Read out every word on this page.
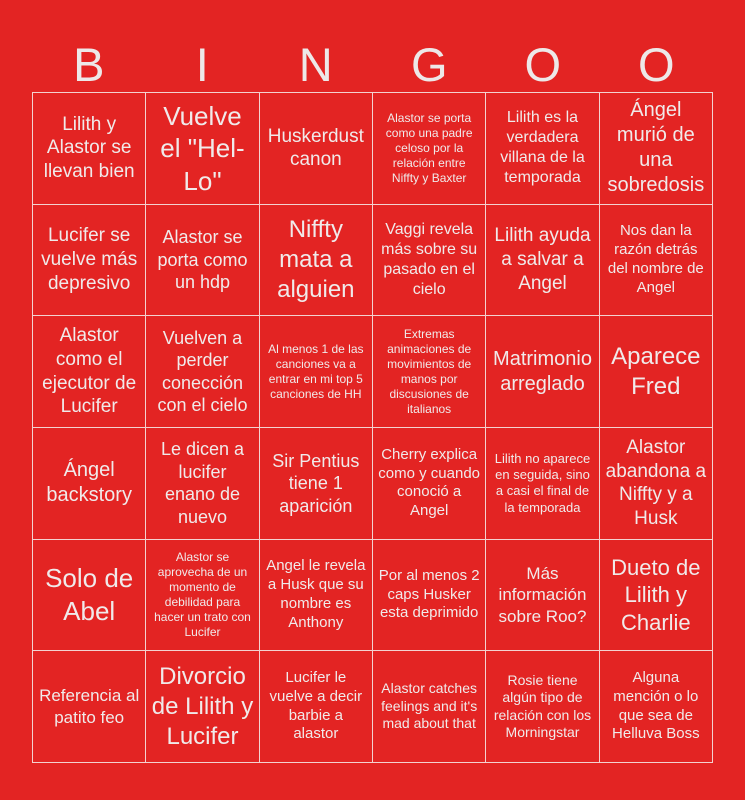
B	I	N	G	O	O
Lilith y Alastor se llevan bien
Vuelve el "Hel-Lo"
Huskerdust canon
Alastor se porta como una padre celoso por la relación entre Niffty y Baxter
Lilith es la verdadera villana de la temporada
Ángel murió de una sobredosis
Lucifer se vuelve más depresivo
Alastor se porta como un hdp
Niffty mata a alguien
Vaggi revela más sobre su pasado en el cielo
Lilith ayuda a salvar a Angel
Nos dan la razón detrás del nombre de Angel
Alastor como el ejecutor de Lucifer
Vuelven a perder conección con el cielo
Al menos 1 de las canciones va a entrar en mi top 5 canciones de HH
Extremas animaciones de movimientos de manos por discusiones de italianos
Matrimonio arreglado
Aparece Fred
Ángel backstory
Le dicen a lucifer enano de nuevo
Sir Pentius tiene 1 aparición
Cherry explica como y cuando conoció a Angel
Lilith no aparece en seguida, sino a casi el final de la temporada
Alastor abandona a Niffty y a Husk
Solo de Abel
Alastor se aprovecha de un momento de debilidad para hacer un trato con Lucifer
Angel le revela a Husk que su nombre es Anthony
Por al menos 2 caps Husker esta deprimido
Más información sobre Roo?
Dueto de Lilith y Charlie
Referencia al patito feo
Divorcio de Lilith y Lucifer
Lucifer le vuelve a decir barbie a alastor
Alastor catches feelings and it's mad about that
Rosie tiene algún tipo de relación con los Morningstar
Alguna mención o lo que sea de Helluva Boss
